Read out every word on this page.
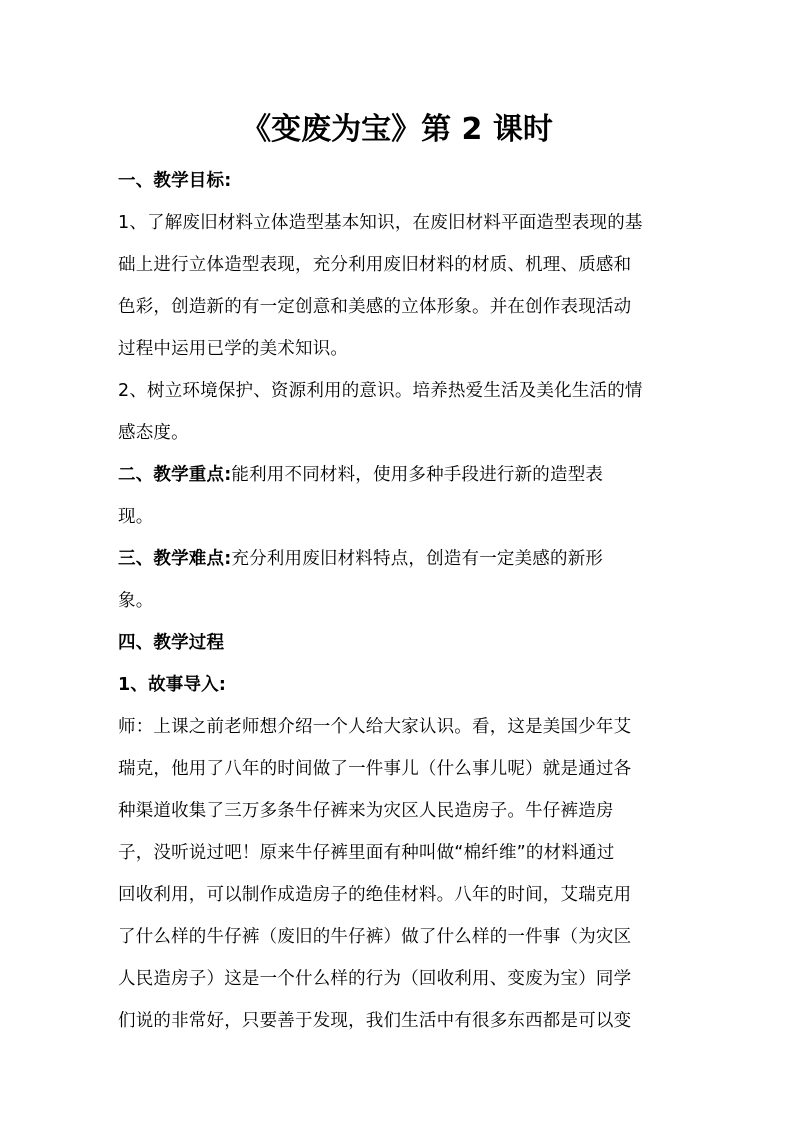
《变废为宝》第 2 课时
一、教学目标:
1、了解废旧材料立体造型基本知识，在废旧材料平面造型表现的基
础上进行立体造型表现，充分利用废旧材料的材质、机理、质感和
色彩，创造新的有一定创意和美感的立体形象。并在创作表现活动
过程中运用已学的美术知识。
2、树立环境保护、资源利用的意识。培养热爱生活及美化生活的情
感态度。
二、教学重点:能利用不同材料，使用多种手段进行新的造型表
现。
三、教学难点:充分利用废旧材料特点，创造有一定美感的新形
象。
四、教学过程
1、故事导入:
师：上课之前老师想介绍一个人给大家认识。看，这是美国少年艾
瑞克，他用了八年的时间做了一件事儿（什么事儿呢）就是通过各
种渠道收集了三万多条牛仔裤来为灾区人民造房子。牛仔裤造房
子，没听说过吧！原来牛仔裤里面有种叫做“棉纤维”的材料通过
回收利用，可以制作成造房子的绝佳材料。八年的时间，艾瑞克用
了什么样的牛仔裤（废旧的牛仔裤）做了什么样的一件事（为灾区
人民造房子）这是一个什么样的行为（回收利用、变废为宝）同学
们说的非常好，只要善于发现，我们生活中有很多东西都是可以变
